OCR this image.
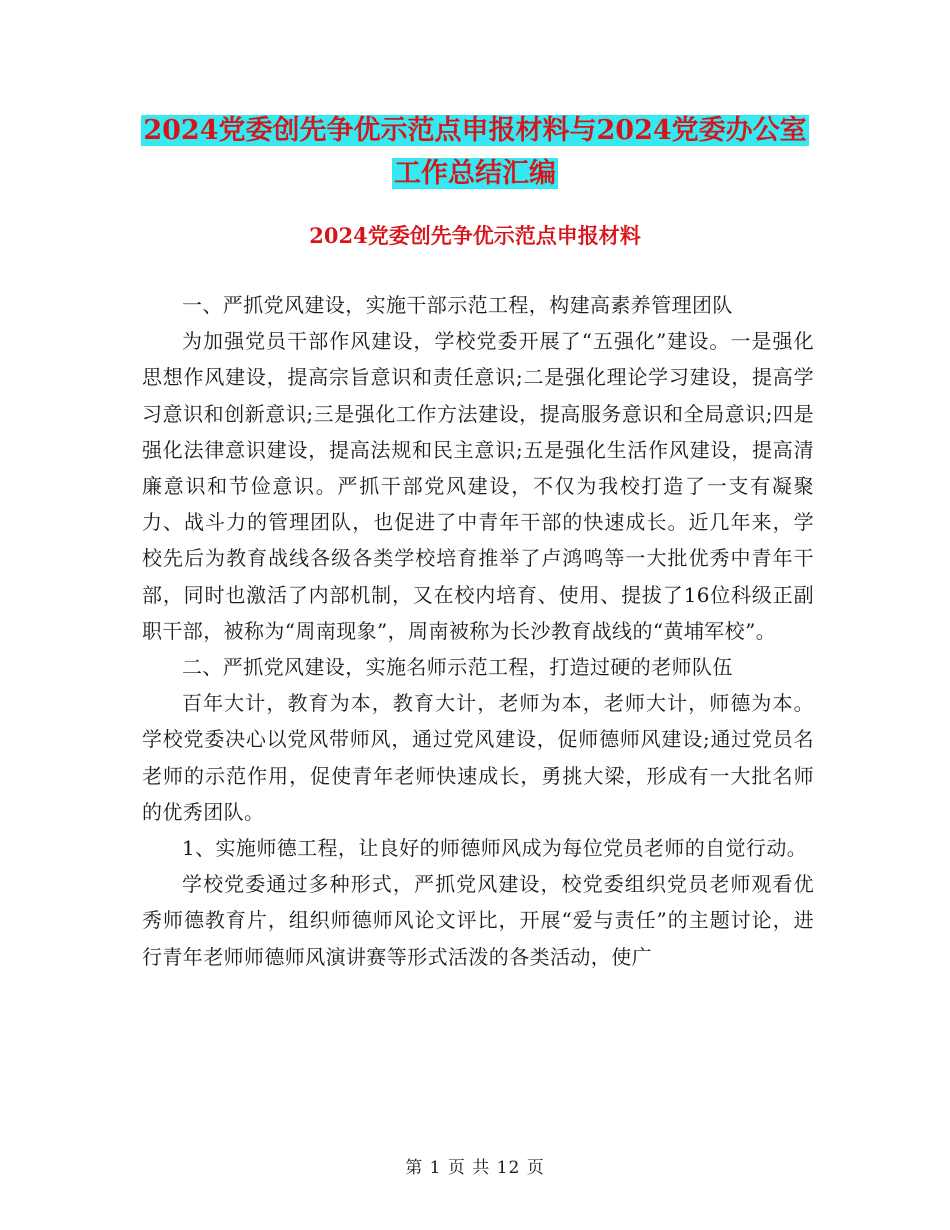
2024党委创先争优示范点申报材料与2024党委办公室
工作总结汇编
2024党委创先争优示范点申报材料

一、严抓党风建设，实施干部示范工程，构建高素养管理团队

为加强党员干部作风建设，学校党委开展了“五强化”建设。一是强化思想作风建设，提高宗旨意识和责任意识;二是强化理论学习建设，提高学习意识和创新意识;三是强化工作方法建设，提高服务意识和全局意识;四是强化法律意识建设，提高法规和民主意识;五是强化生活作风建设，提高清廉意识和节俭意识。严抓干部党风建设，不仅为我校打造了一支有凝聚力、战斗力的管理团队，也促进了中青年干部的快速成长。近几年来，学校先后为教育战线各级各类学校培育推举了卢鸿鸣等一大批优秀中青年干部，同时也激活了内部机制，又在校内培育、使用、提拔了16位科级正副职干部，被称为“周南现象”，周南被称为长沙教育战线的“黄埔军校”。

二、严抓党风建设，实施名师示范工程，打造过硬的老师队伍

百年大计，教育为本，教育大计，老师为本，老师大计，师德为本。学校党委决心以党风带师风，通过党风建设，促师德师风建设;通过党员名老师的示范作用，促使青年老师快速成长，勇挑大梁，形成有一大批名师的优秀团队。

1、实施师德工程，让良好的师德师风成为每位党员老师的自觉行动。

学校党委通过多种形式，严抓党风建设，校党委组织党员老师观看优秀师德教育片，组织师德师风论文评比，开展“爱与责任”的主题讨论，进行青年老师师德师风演讲赛等形式活泼的各类活动，使广

第 1 页 共 12 页
